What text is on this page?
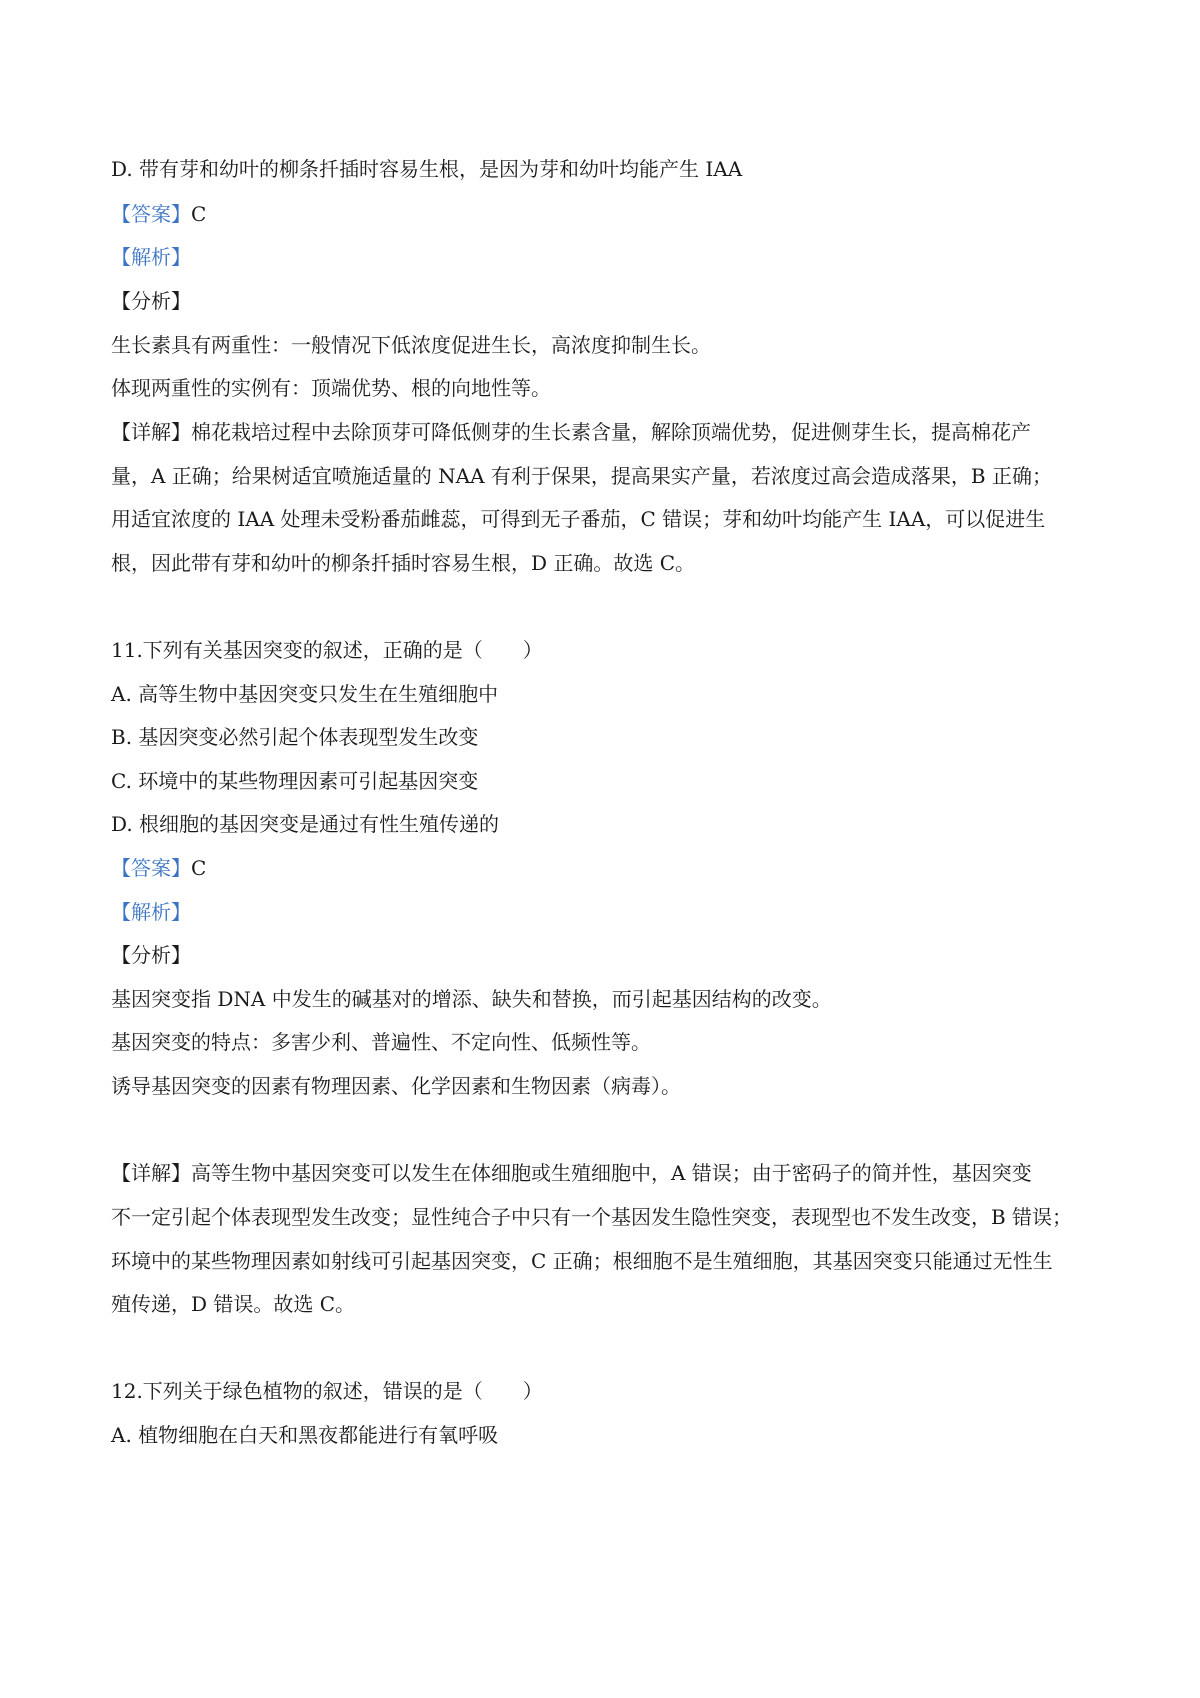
D. 带有芽和幼叶的柳条扦插时容易生根，是因为芽和幼叶均能产生 IAA
【答案】C
【解析】
【分析】
生长素具有两重性：一般情况下低浓度促进生长，高浓度抑制生长。
体现两重性的实例有：顶端优势、根的向地性等。
【详解】棉花栽培过程中去除顶芽可降低侧芽的生长素含量，解除顶端优势，促进侧芽生长，提高棉花产
量，A 正确；给果树适宜喷施适量的 NAA 有利于保果，提高果实产量，若浓度过高会造成落果，B 正确；
用适宜浓度的 IAA 处理未受粉番茄雌蕊，可得到无子番茄，C 错误；芽和幼叶均能产生 IAA，可以促进生
根，因此带有芽和幼叶的柳条扦插时容易生根，D 正确。故选 C。
11.下列有关基因突变的叙述，正确的是（　　）
A. 高等生物中基因突变只发生在生殖细胞中
B. 基因突变必然引起个体表现型发生改变
C. 环境中的某些物理因素可引起基因突变
D. 根细胞的基因突变是通过有性生殖传递的
【答案】C
【解析】
【分析】
基因突变指 DNA 中发生的碱基对的增添、缺失和替换，而引起基因结构的改变。
基因突变的特点：多害少利、普遍性、不定向性、低频性等。
诱导基因突变的因素有物理因素、化学因素和生物因素（病毒）。
【详解】高等生物中基因突变可以发生在体细胞或生殖细胞中，A 错误；由于密码子的简并性，基因突变
不一定引起个体表现型发生改变；显性纯合子中只有一个基因发生隐性突变，表现型也不发生改变，B 错误；
环境中的某些物理因素如射线可引起基因突变，C 正确；根细胞不是生殖细胞，其基因突变只能通过无性生
殖传递，D 错误。故选 C。
12.下列关于绿色植物的叙述，错误的是（　　）
A. 植物细胞在白天和黑夜都能进行有氧呼吸
